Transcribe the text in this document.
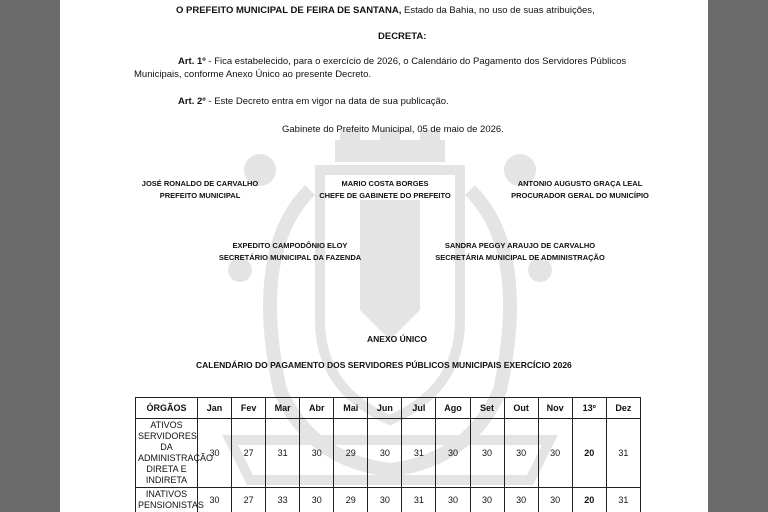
O PREFEITO MUNICIPAL DE FEIRA DE SANTANA, Estado da Bahia, no uso de suas atribuições,
DECRETA:
Art. 1º - Fica estabelecido, para o exercício de 2026, o Calendário do Pagamento dos Servidores Públicos
Municipais, conforme Anexo Único ao presente Decreto.
Art. 2º - Este Decreto entra em vigor na data de sua publicação.
Gabinete do Prefeito Municipal, 05 de maio de 2026.
JOSÉ RONALDO DE CARVALHO
PREFEITO MUNICIPAL
MARIO COSTA BORGES
CHEFE DE GABINETE DO PREFEITO
ANTONIO AUGUSTO GRAÇA LEAL
PROCURADOR GERAL DO MUNICÍPIO
EXPEDITO CAMPODÔNIO ELOY
SECRETÁRIO MUNICIPAL DA FAZENDA
SANDRA PEGGY ARAUJO DE CARVALHO
SECRETÁRIA MUNICIPAL DE ADMINISTRAÇÃO
ANEXO ÚNICO
CALENDÁRIO DO PAGAMENTO DOS SERVIDORES PÚBLICOS MUNICIPAIS EXERCÍCIO 2026
ÓRGÃOS	Jan	Fev	Mar	Abr	Mai	Jun	Jul	Ago	Set	Out	Nov	13º	Dez

ATIVOS
SERVIDORES DA
ADMINISTRAÇÃO
DIRETA E
INDIRETA	30	27	31	30	29	30	31	30	30	30	30	20	31

INATIVOS
PENSIONISTAS	30	27	33	30	29	30	31	30	30	30	30	20	31
